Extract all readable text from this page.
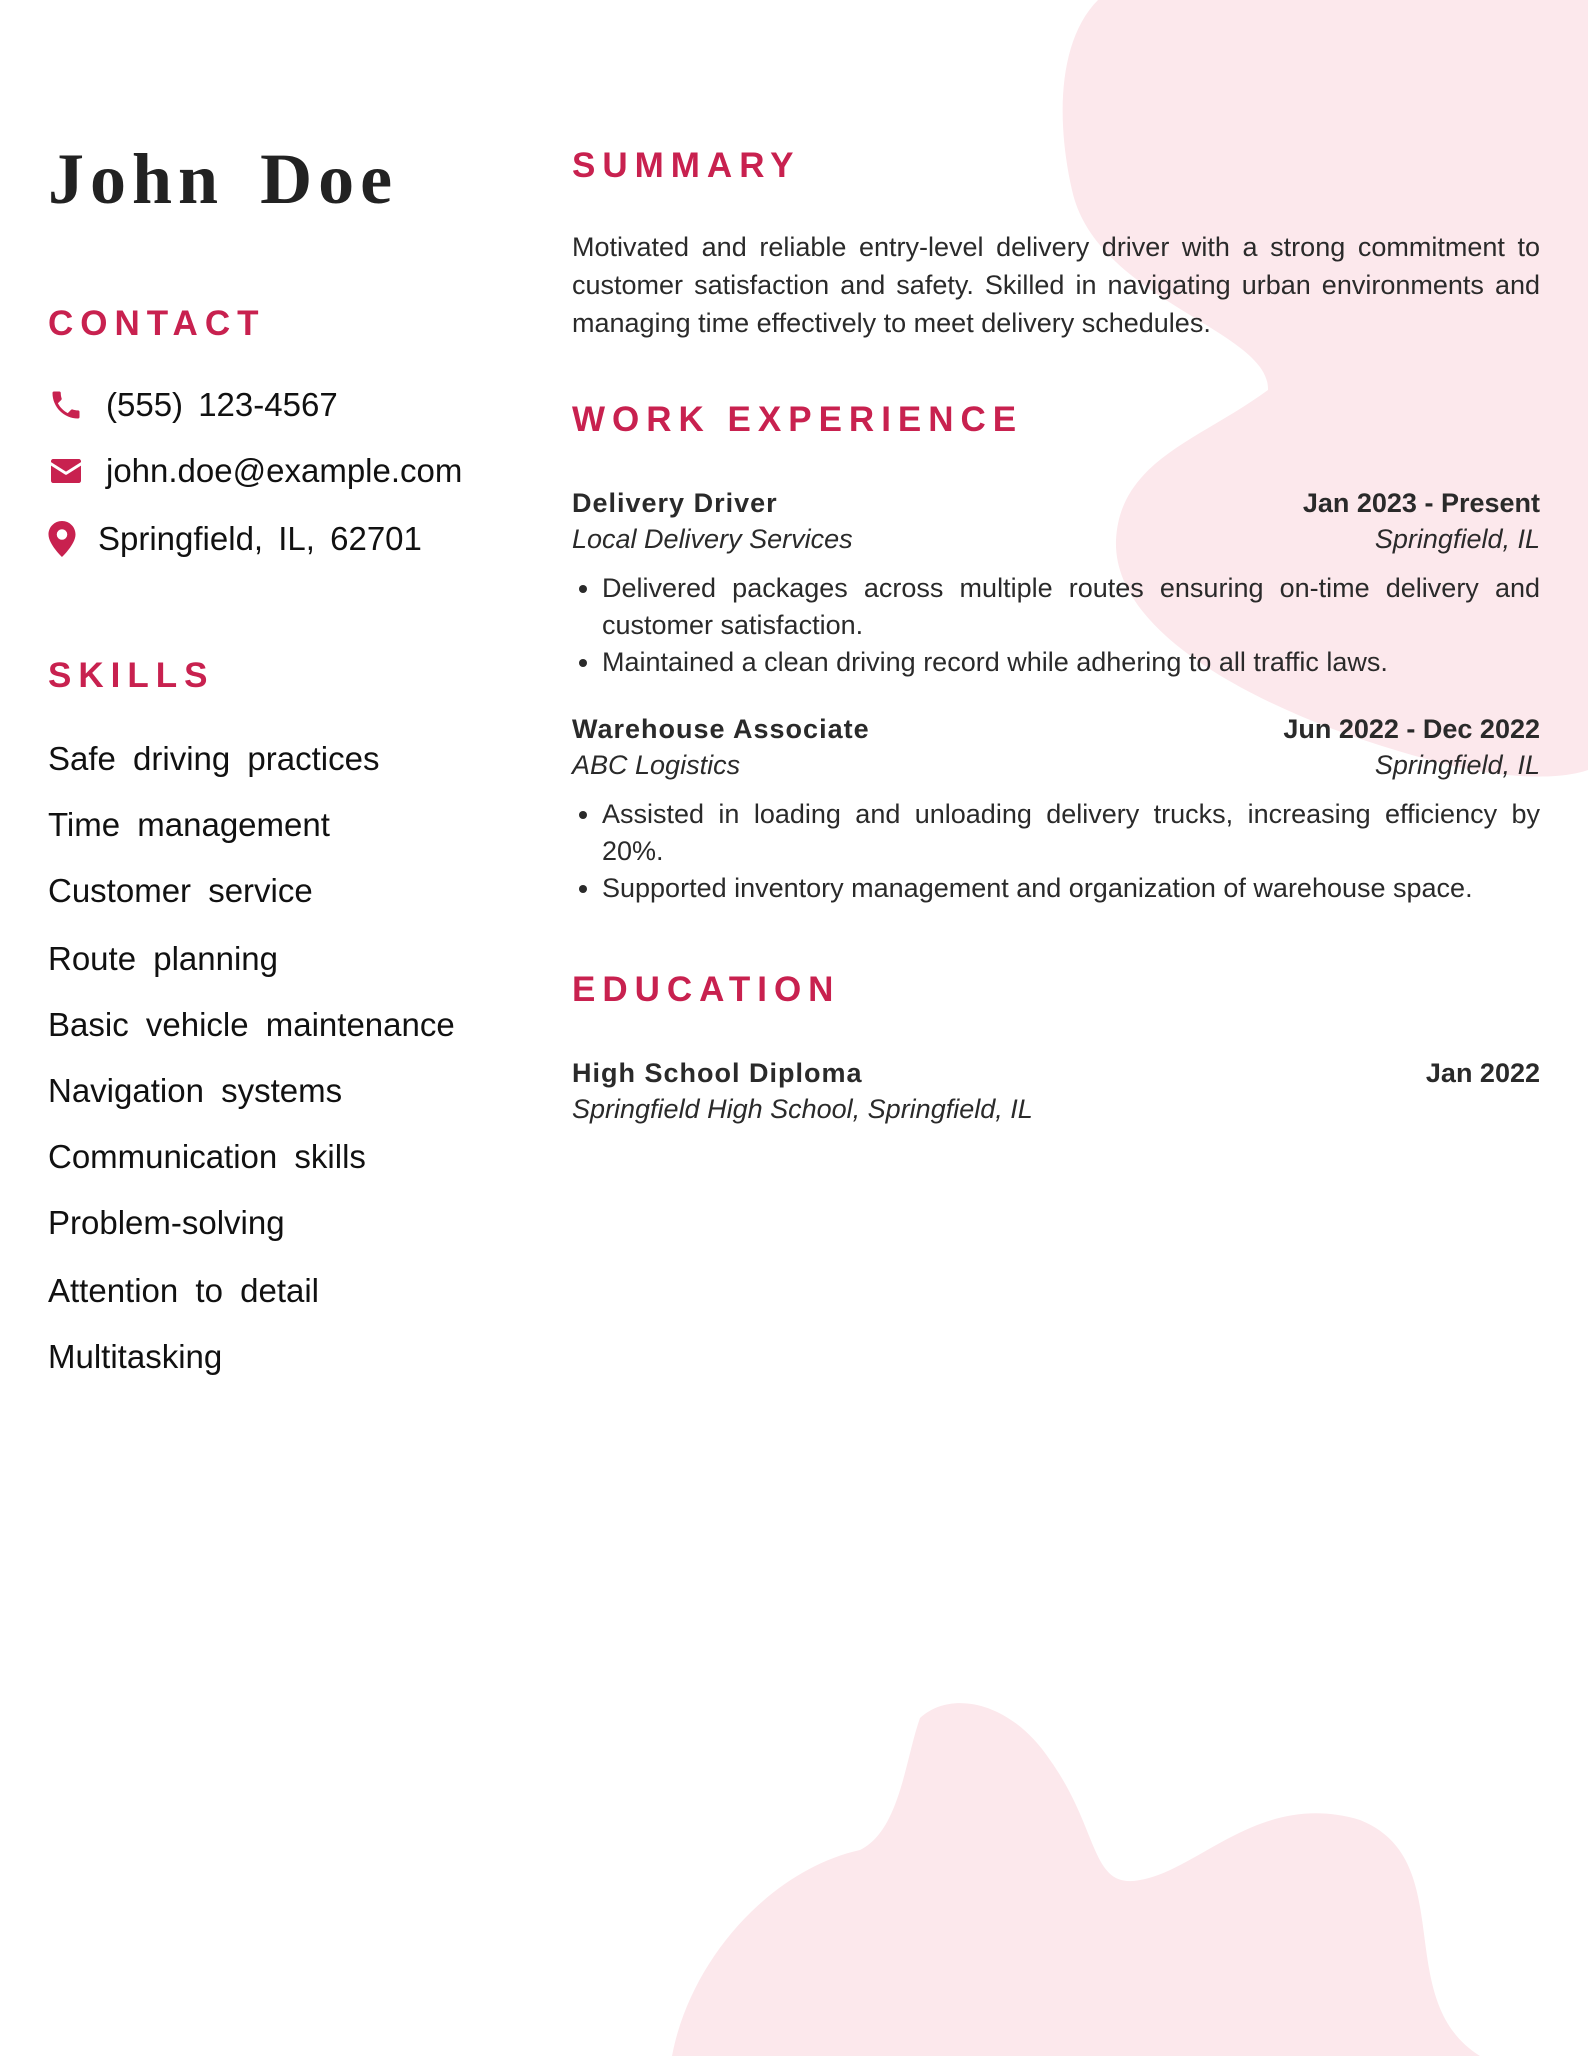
John Doe
CONTACT
(555) 123-4567
john.doe@example.com
Springfield, IL, 62701
SKILLS
Safe driving practices
Time management
Customer service
Route planning
Basic vehicle maintenance
Navigation systems
Communication skills
Problem-solving
Attention to detail
Multitasking
SUMMARY

Motivated and reliable entry-level delivery driver with a strong commitment to customer satisfaction and safety. Skilled in navigating urban environments and managing time effectively to meet delivery schedules.

WORK EXPERIENCE
Delivery Driver	Jan 2023 - Present
Local Delivery Services	Springfield, IL
• Delivered packages across multiple routes ensuring on-time delivery and customer satisfaction.
• Maintained a clean driving record while adhering to all traffic laws.
Warehouse Associate	Jun 2022 - Dec 2022
ABC Logistics	Springfield, IL
• Assisted in loading and unloading delivery trucks, increasing efficiency by 20%.
• Supported inventory management and organization of warehouse space.
EDUCATION
High School Diploma	Jan 2022
Springfield High School, Springfield, IL
